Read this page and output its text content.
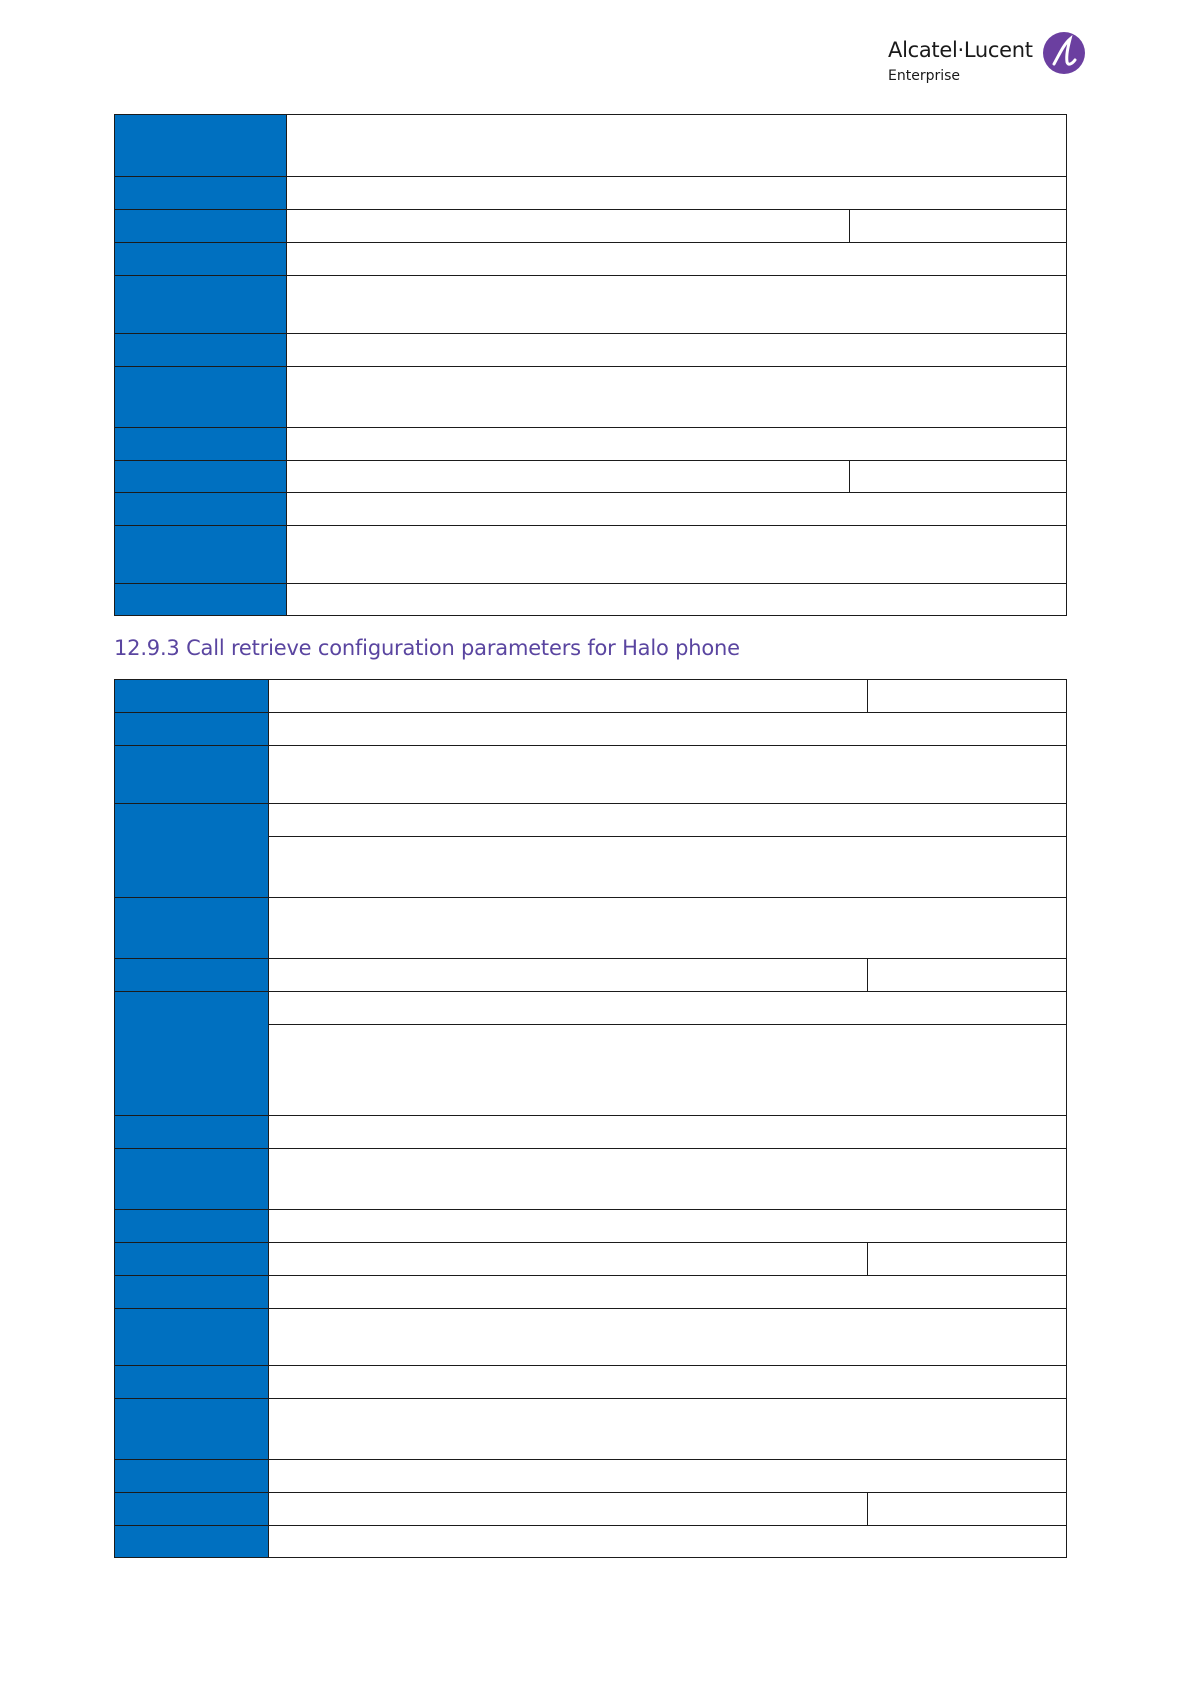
Alcatel·Lucent
Enterprise

12.9.3 Call retrieve configuration parameters for Halo phone
